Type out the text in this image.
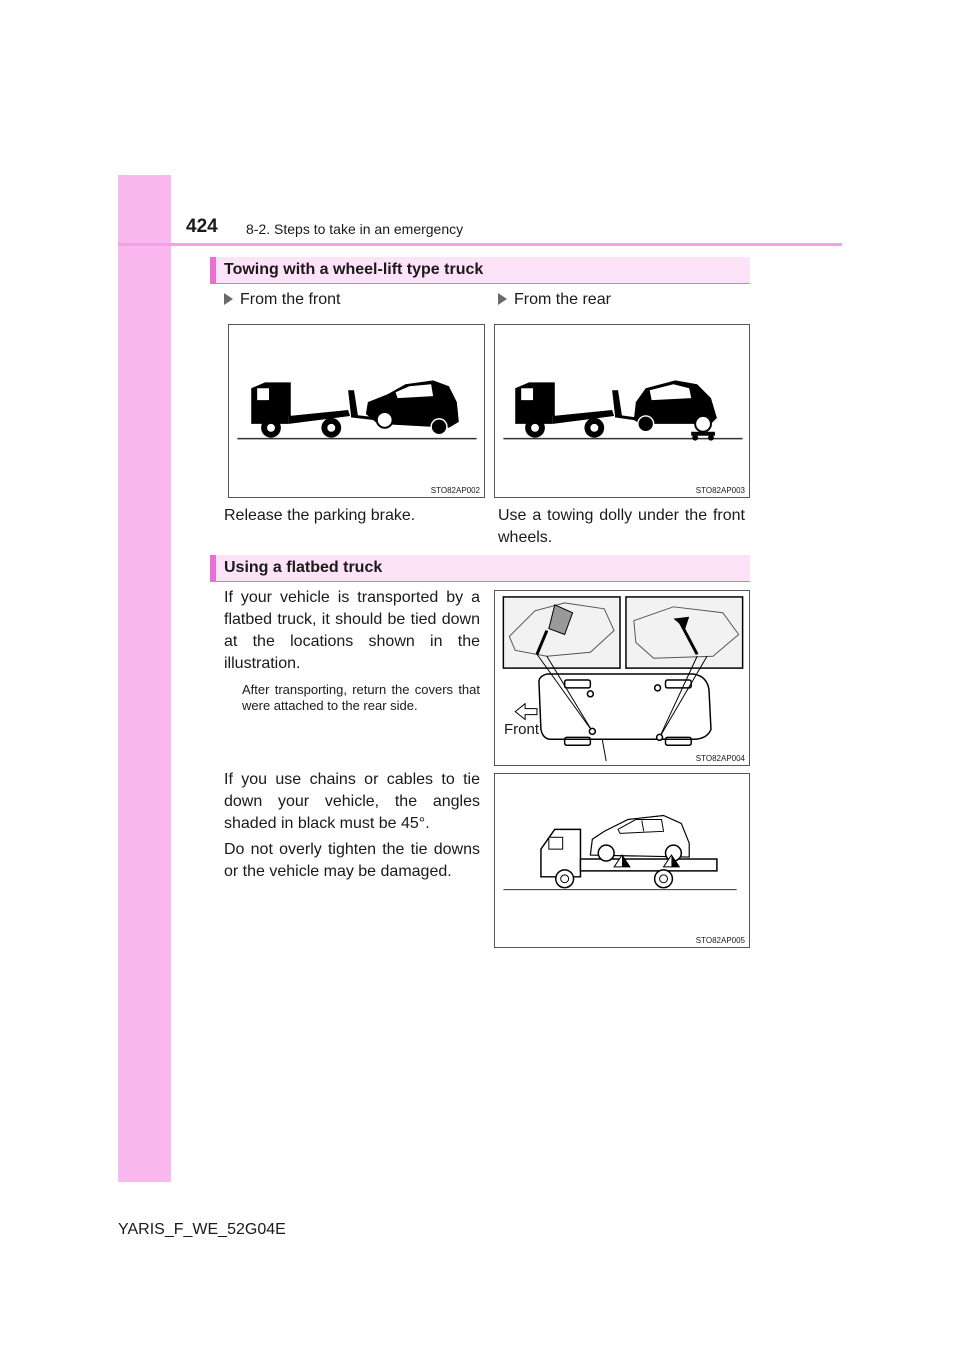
424 8-2. Steps to take in an emergency
Towing with a wheel-lift type truck
From the front	From the rear
STO82AP002	STO82AP003
Release the parking brake.	Use a towing dolly under the front wheels.
Using a flatbed truck

If your vehicle is transported by a flatbed truck, it should be tied down at the locations shown in the illustration.

After transporting, return the covers that were attached to the rear side.

If you use chains or cables to tie down your vehicle, the angles shaded in black must be 45°.

Do not overly tighten the tie downs or the vehicle may be damaged.

STO82AP004
Front
STO82AP005
YARIS_F_WE_52G04E
